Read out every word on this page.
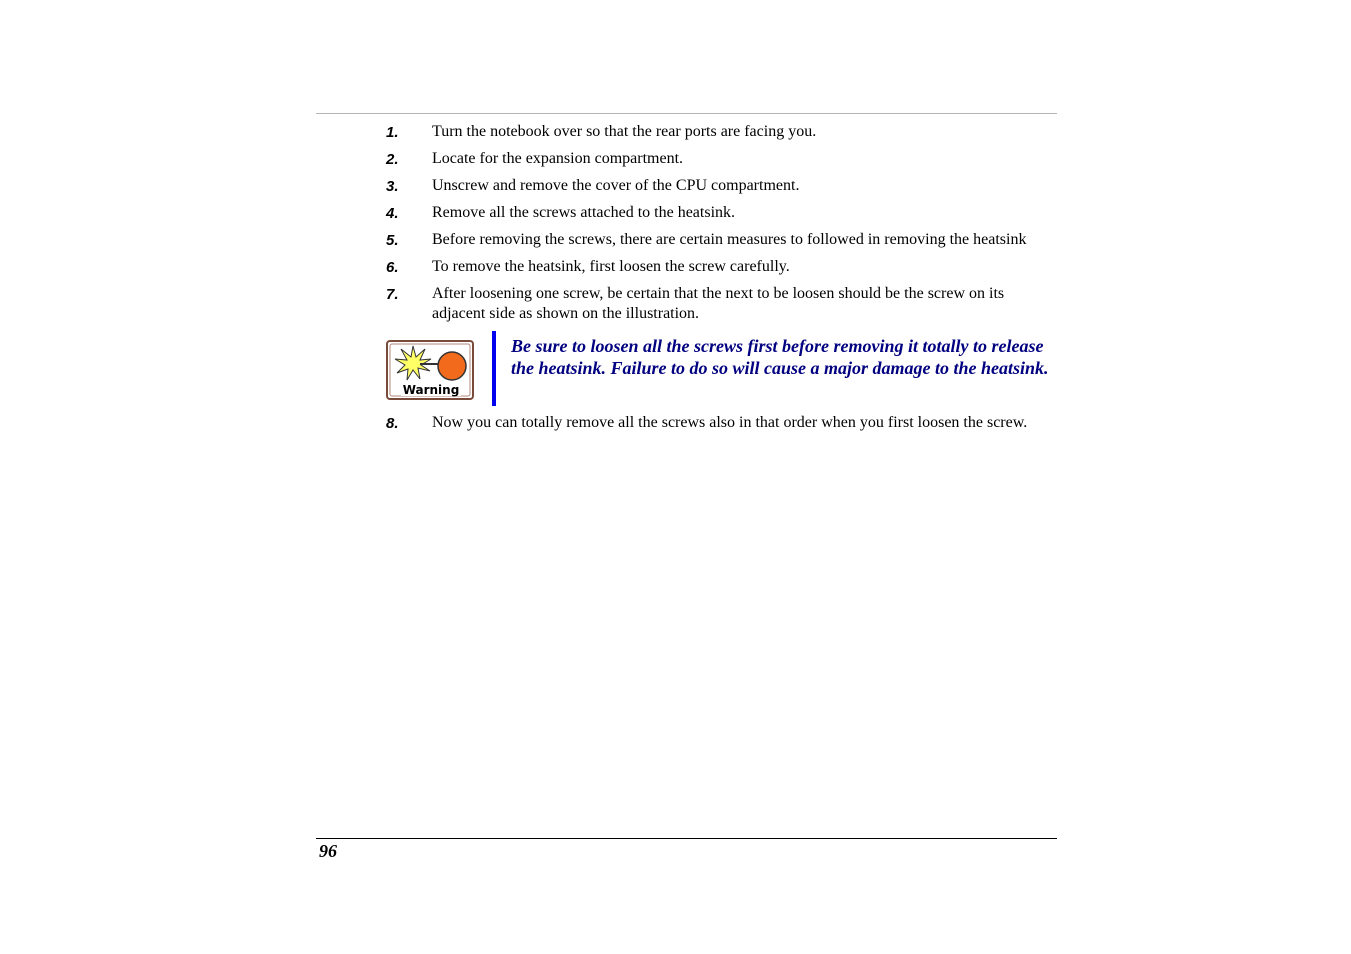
1. Turn the notebook over so that the rear ports are facing you.
2. Locate for the expansion compartment.
3. Unscrew and remove the cover of the CPU compartment.
4. Remove all the screws attached to the heatsink.
5. Before removing the screws, there are certain measures to followed in removing the heatsink
6. To remove the heatsink, first loosen the screw carefully.
7. After loosening one screw, be certain that the next to be loosen should be the screw on its adjacent side as shown on the illustration.
Warning
Be sure to loosen all the screws first before removing it totally to release the heatsink. Failure to do so will cause a major damage to the heatsink.
8. Now you can totally remove all the screws also in that order when you first loosen the screw.
96
